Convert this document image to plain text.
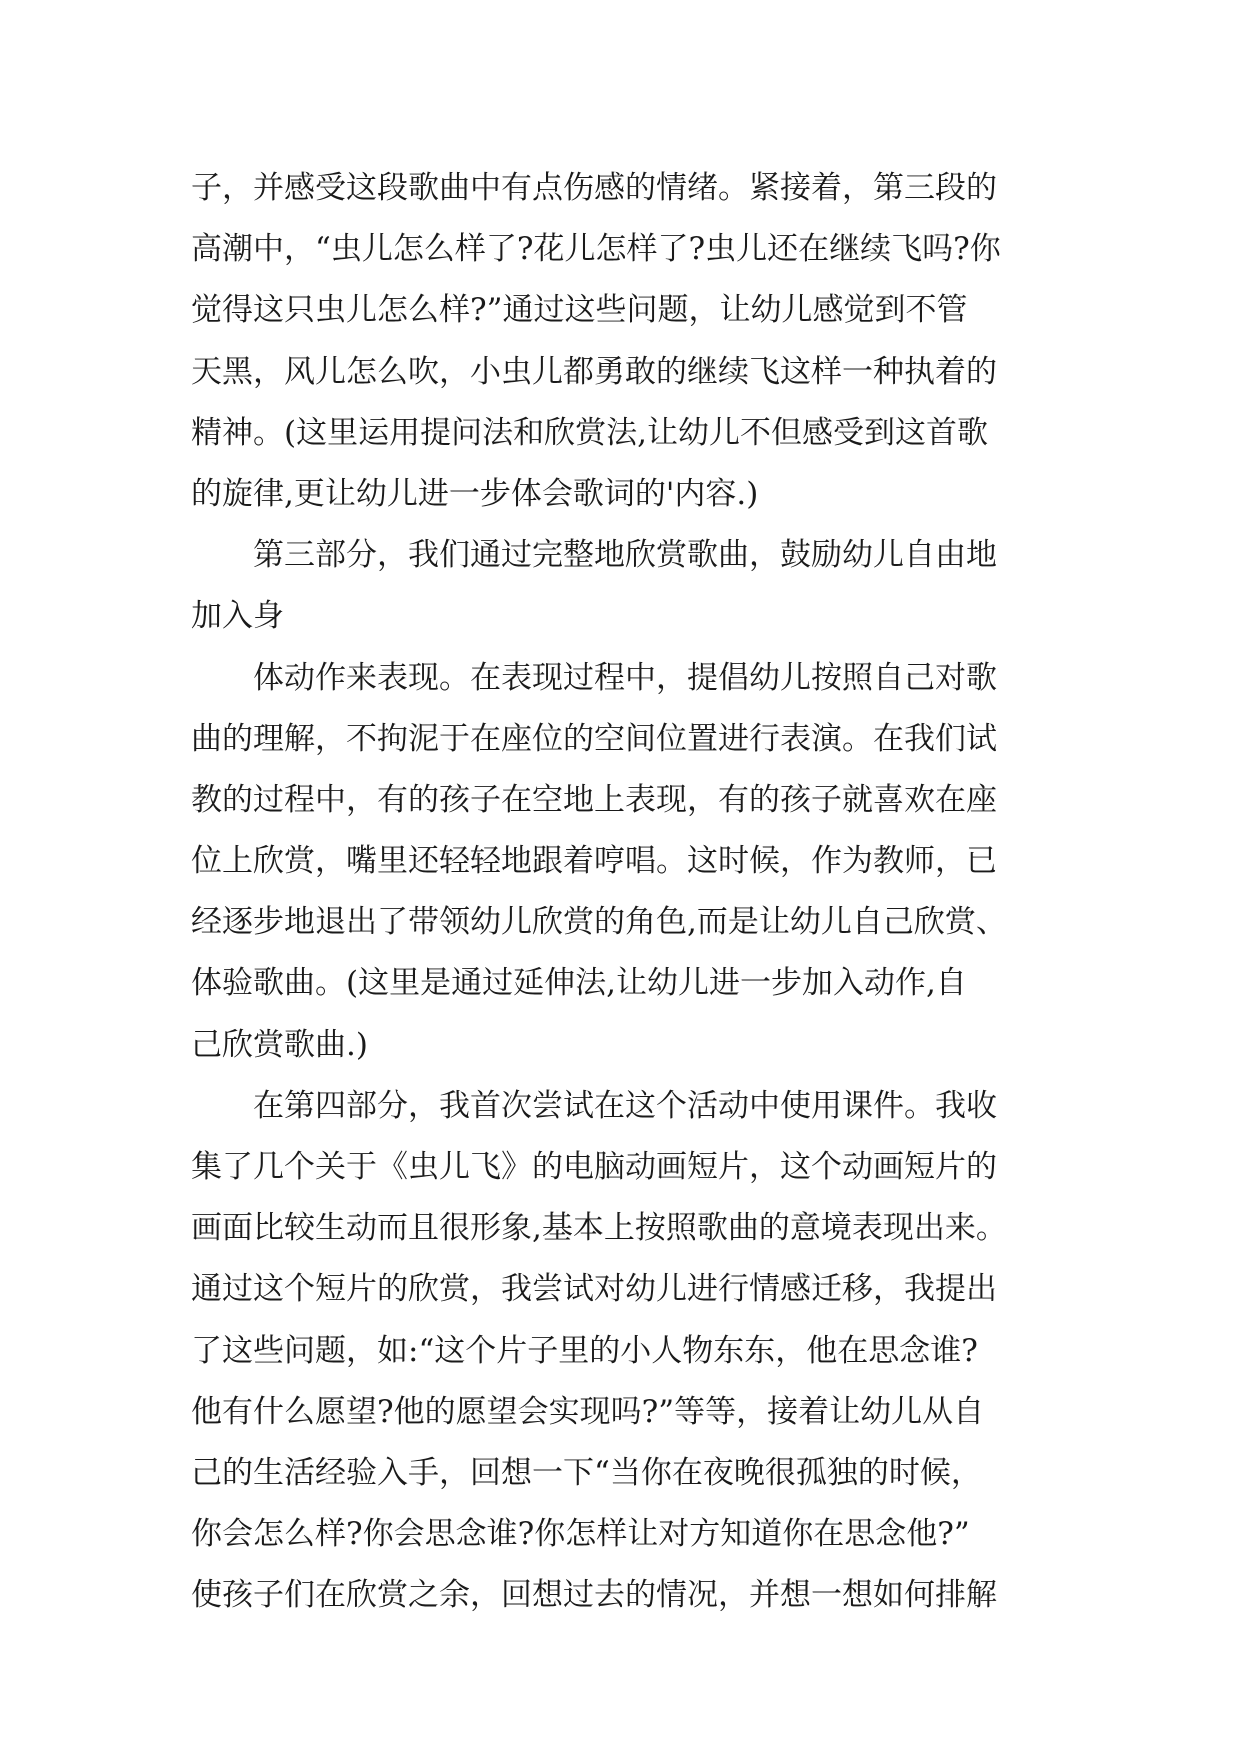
子，并感受这段歌曲中有点伤感的情绪。紧接着，第三段的
高潮中，“虫儿怎么样了?花儿怎样了?虫儿还在继续飞吗?你
觉得这只虫儿怎么样?”通过这些问题，让幼儿感觉到不管
天黑，风儿怎么吹，小虫儿都勇敢的继续飞这样一种执着的
精神。(这里运用提问法和欣赏法,让幼儿不但感受到这首歌
的旋律,更让幼儿进一步体会歌词的'内容.)
第三部分，我们通过完整地欣赏歌曲，鼓励幼儿自由地
加入身
体动作来表现。在表现过程中，提倡幼儿按照自己对歌
曲的理解，不拘泥于在座位的空间位置进行表演。在我们试
教的过程中，有的孩子在空地上表现，有的孩子就喜欢在座
位上欣赏，嘴里还轻轻地跟着哼唱。这时候，作为教师，已
经逐步地退出了带领幼儿欣赏的角色,而是让幼儿自己欣赏、
体验歌曲。(这里是通过延伸法,让幼儿进一步加入动作,自
己欣赏歌曲.)
在第四部分，我首次尝试在这个活动中使用课件。我收
集了几个关于《虫儿飞》的电脑动画短片，这个动画短片的
画面比较生动而且很形象,基本上按照歌曲的意境表现出来。
通过这个短片的欣赏，我尝试对幼儿进行情感迁移，我提出
了这些问题，如:“这个片子里的小人物东东，他在思念谁?
他有什么愿望?他的愿望会实现吗?”等等，接着让幼儿从自
己的生活经验入手，回想一下“当你在夜晚很孤独的时候，
你会怎么样?你会思念谁?你怎样让对方知道你在思念他?”
使孩子们在欣赏之余，回想过去的情况，并想一想如何排解
